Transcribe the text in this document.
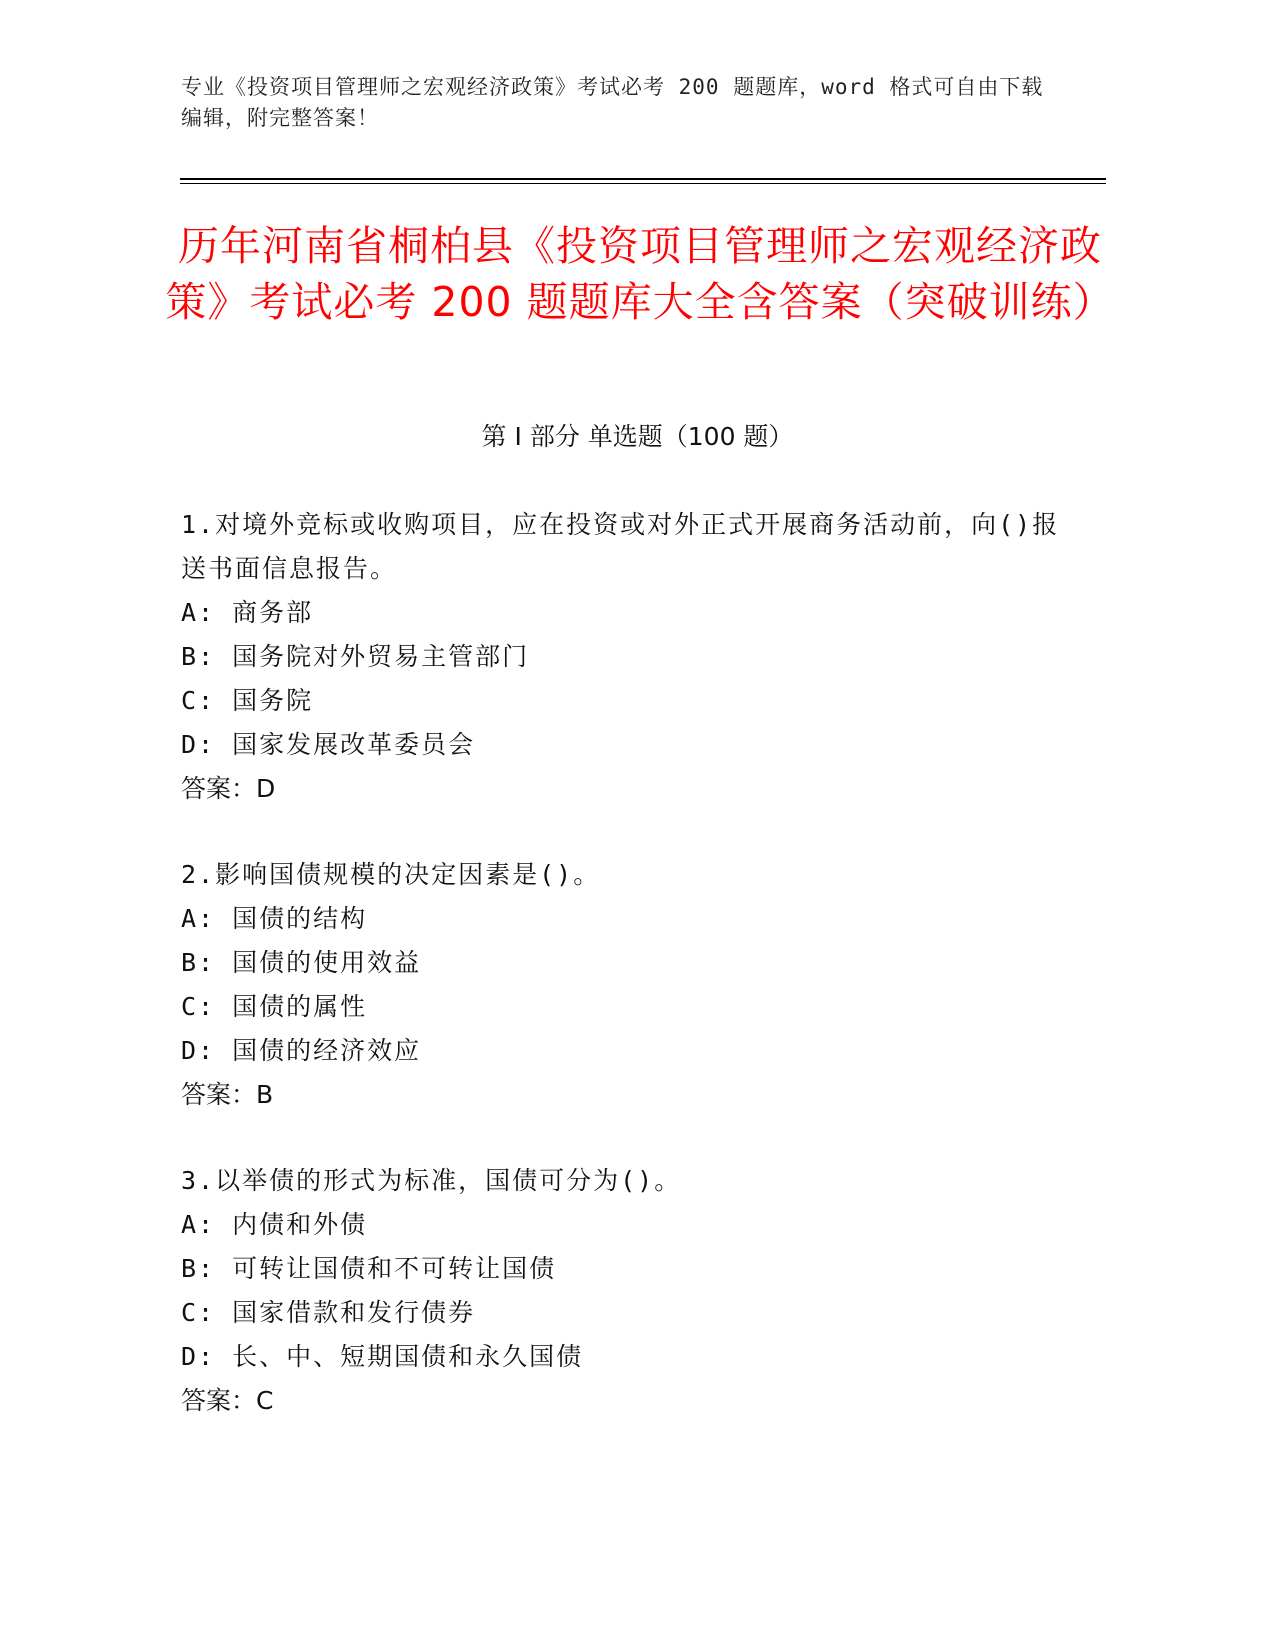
专业《投资项目管理师之宏观经济政策》考试必考 200 题题库，word 格式可自由下载编辑，附完整答案！
历年河南省桐柏县《投资项目管理师之宏观经济政策》考试必考 200 题题库大全含答案（突破训练）
第 I 部分 单选题（100 题）
1.对境外竞标或收购项目，应在投资或对外正式开展商务活动前，向()报送书面信息报告。
A: 商务部
B: 国务院对外贸易主管部门
C: 国务院
D: 国家发展改革委员会
答案：D
2.影响国债规模的决定因素是()。
A: 国债的结构
B: 国债的使用效益
C: 国债的属性
D: 国债的经济效应
答案：B
3.以举债的形式为标准，国债可分为()。
A: 内债和外债
B: 可转让国债和不可转让国债
C: 国家借款和发行债券
D: 长、中、短期国债和永久国债
答案：C
